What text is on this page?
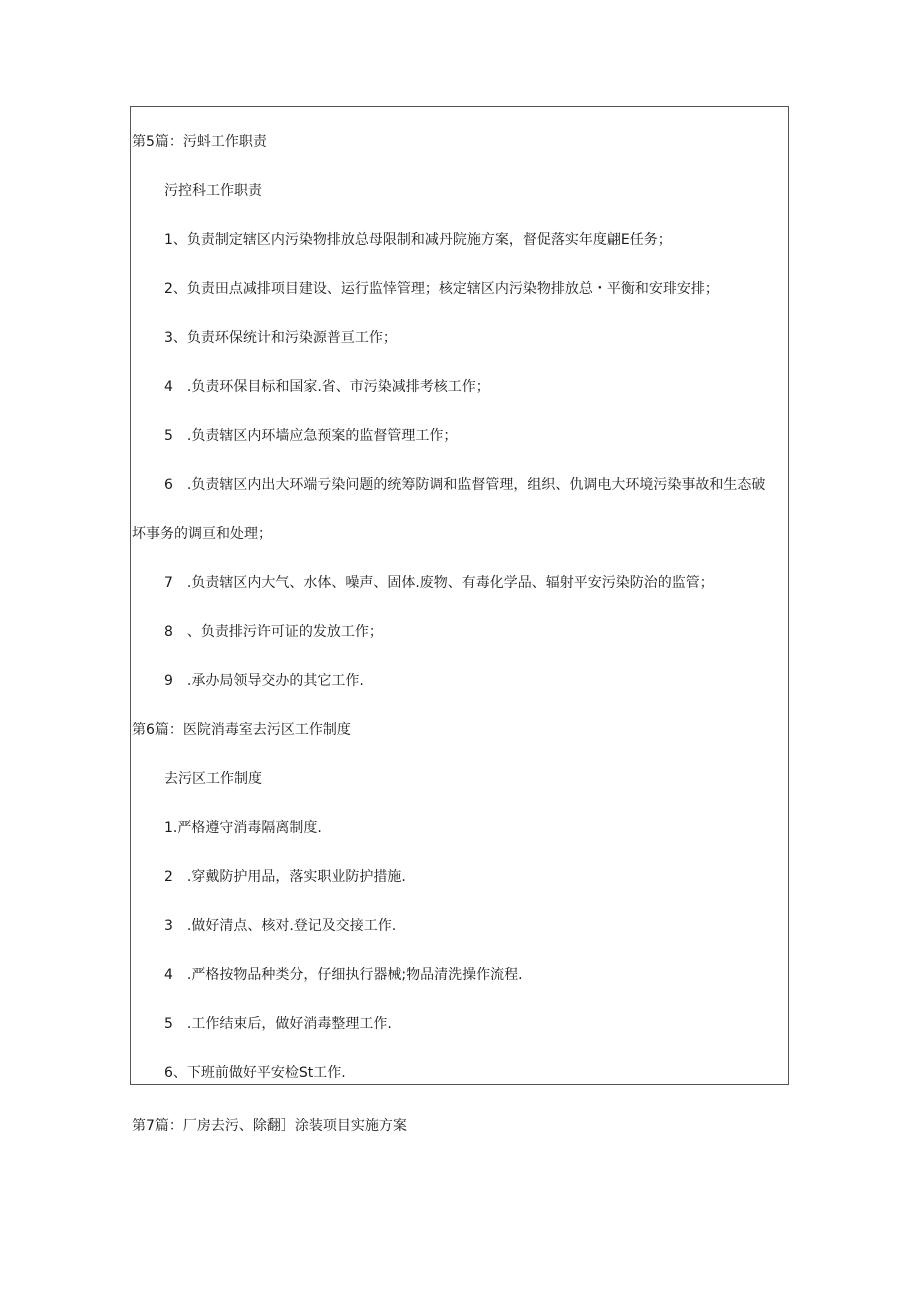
第5篇：污蚪工作职责
污控科工作职责
1、负责制定辖区内污染物排放总母限制和减丹院施方案，督促落实年度翩E任务；
2、负责田点减排项目建设、运行监悻管理；核定辖区内污染物排放总・平衡和安琲安排；
3、负责环保统计和污染源普亘工作；
4　.负责环保目标和国家.省、市污染减排考核工作；
5　.负责辖区内环墙应急预案的监督管理工作；
6　.负责辖区内出大环端亏染问题的统筹防调和监督管理，组织、仇调电大环境污染事故和生态破
坏事务的调亘和处理；
7　.负责辖区内大气、水体、噪声、固体.废物、有毒化学品、辐射平安污染防治的监管；
8　、负责排污许可证的发放工作；
9　.承办局领导交办的其它工作.
第6篇：医院消毒室去污区工作制度
去污区工作制度
1.严格遵守消毒隔离制度.
2　.穿戴防护用品，落实职业防护措施.
3　.做好清点、核对.登记及交接工作.
4　.严格按物品种类分，仔细执行器械;物品清洗操作流程.
5　.工作结束后，做好消毒整理工作.
6、下班前做好平安检St工作.
第7篇：厂房去污、除翻］涂装项目实施方案
